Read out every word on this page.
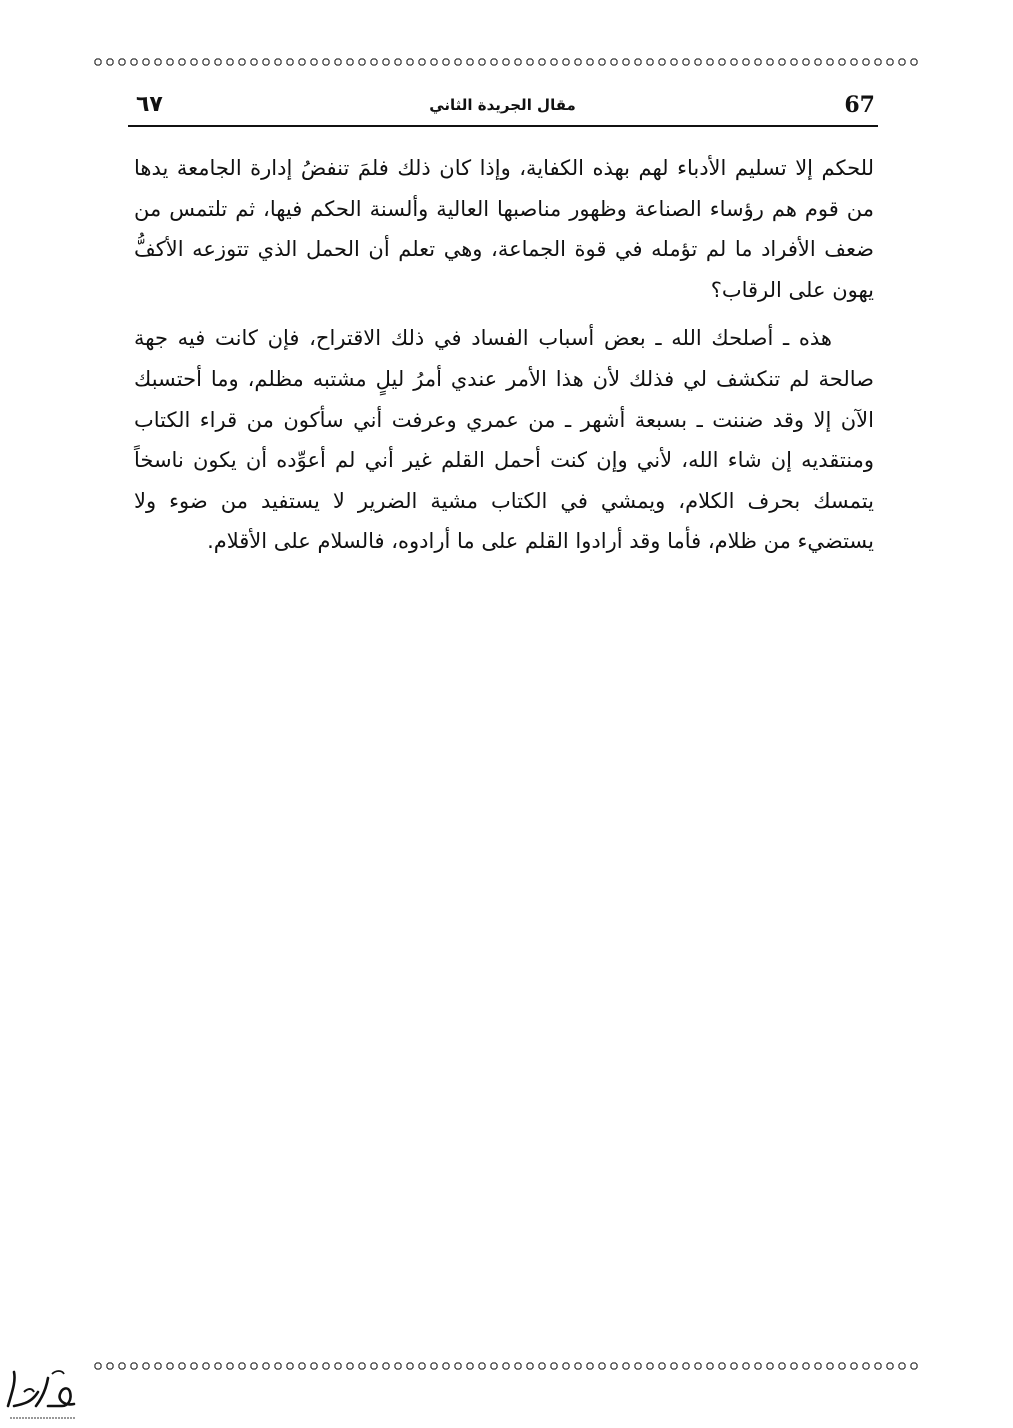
67
مقال الجريدة الثاني
٦٧

للحكم إلا تسليم الأدباء لهم بهذه الكفاية، وإذا كان ذلك فلمَ تنفضُ إدارة الجامعة يدها من قوم هم رؤساء الصناعة وظهور مناصبها العالية وألسنة الحكم فيها، ثم تلتمس من ضعف الأفراد ما لم تؤمله في قوة الجماعة، وهي تعلم أن الحمل الذي تتوزعه الأكفُّ يهون على الرقاب؟

هذه ـ أصلحك الله ـ بعض أسباب الفساد في ذلك الاقتراح، فإن كانت فيه جهة صالحة لم تنكشف لي فذلك لأن هذا الأمر عندي أمرُ ليلٍ مشتبه مظلم، وما أحتسبك الآن إلا وقد ضننت ـ بسبعة أشهر ـ من عمري وعرفت أني سأكون من قراء الكتاب ومنتقديه إن شاء الله، لأني وإن كنت أحمل القلم غير أني لم أعوِّده أن يكون ناسخاً يتمسك بحرف الكلام، ويمشي في الكتاب مشية الضرير لا يستفيد من ضوء ولا يستضيء من ظلام، فأما وقد أرادوا القلم على ما أرادوه، فالسلام على الأقلام.
